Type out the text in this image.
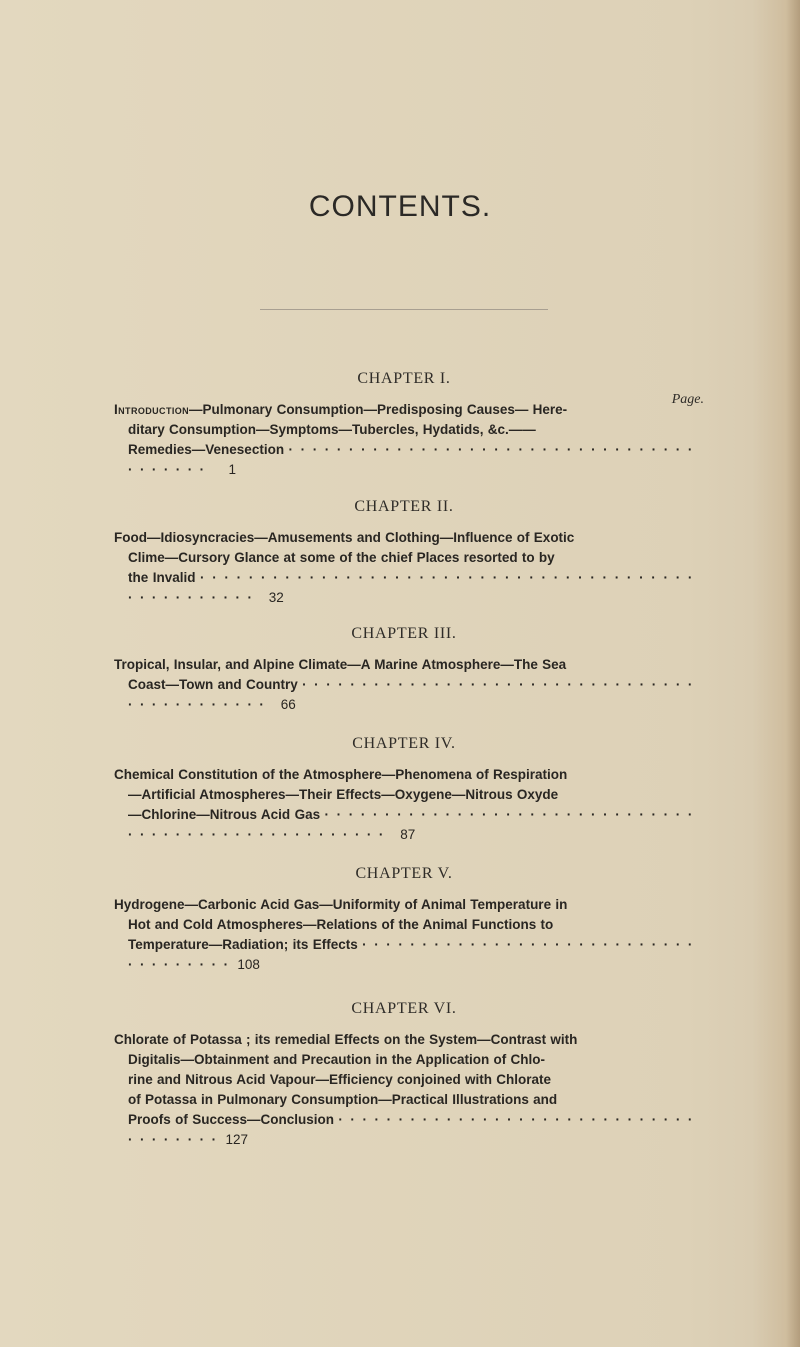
CONTENTS.
CHAPTER I.
Page.
Introduction—Pulmonary Consumption—Predisposing Causes— Here-
ditary Consumption—Symptoms—Tubercles, Hydatids, &c.——
Remedies—Venesection · · · · · · · · · · · · · · · · · · · · · · · · · · · · · · · · · · · · · · · · · 1
CHAPTER II.
Food—Idiosyncracies—Amusements and Clothing—Influence of Exotic
Clime—Cursory Glance at some of the chief Places resorted to by
the Invalid · · · · · · · · · · · · · · · · · · · · · · · · · · · · · · · · · · · · · · · · · · · · · · · · · · · · 32
CHAPTER III.
Tropical, Insular, and Alpine Climate—A Marine Atmosphere—The Sea
Coast—Town and Country · · · · · · · · · · · · · · · · · · · · · · · · · · · · · · · · · · · · · · · · · · · · · 66
CHAPTER IV.
Chemical Constitution of the Atmosphere—Phenomena of Respiration
—Artificial Atmospheres—Their Effects—Oxygene—Nitrous Oxyde
—Chlorine—Nitrous Acid Gas · · · · · · · · · · · · · · · · · · · · · · · · · · · · · · · · · · · · · · · · · · · · · · · · · · · · · 87
CHAPTER V.
Hydrogene—Carbonic Acid Gas—Uniformity of Animal Temperature in
Hot and Cold Atmospheres—Relations of the Animal Functions to
Temperature—Radiation; its Effects · · · · · · · · · · · · · · · · · · · · · · · · · · · · · · · · · · · · · 108
CHAPTER VI.
Chlorate of Potassa ; its remedial Effects on the System—Contrast with
Digitalis—Obtainment and Precaution in the Application of Chlo-
rine and Nitrous Acid Vapour—Efficiency conjoined with Chlorate
of Potassa in Pulmonary Consumption—Practical Illustrations and
Proofs of Success—Conclusion · · · · · · · · · · · · · · · · · · · · · · · · · · · · · · · · · · · · · · 127
